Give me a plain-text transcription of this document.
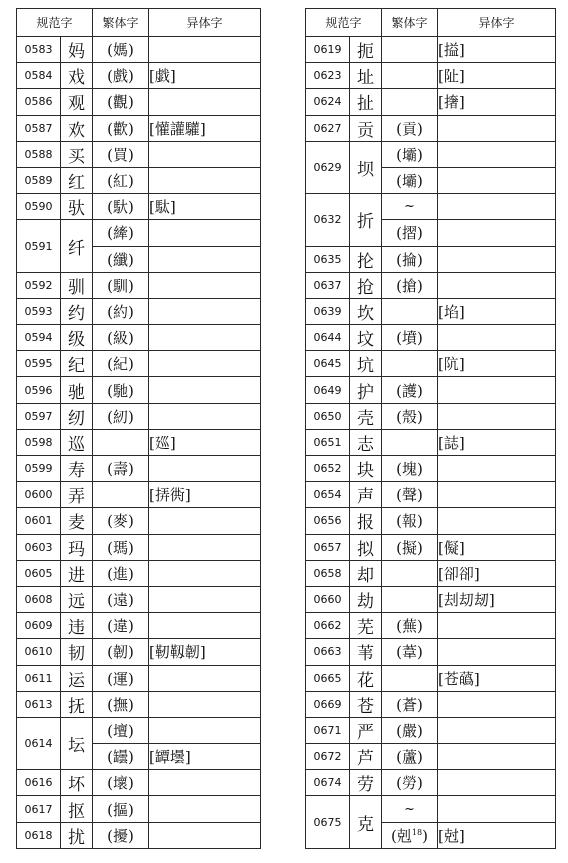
规范字		繁体字	异体字
0583	妈	(媽)	
0584	戏	(戲)	[戯]
0586	观	(觀)	
0587	欢	(歡)	[懽讙驩]
0588	买	(買)	
0589	红	(紅)	
0590	驮	(馱)	[駄]
0591	纤	(縴)	
		(纖)	
0592	驯	(馴)	
0593	约	(約)	
0594	级	(級)	
0595	纪	(紀)	
0596	驰	(馳)	
0597	纫	(紉)	
0598	巡		[廵]
0599	寿	(壽)	
0600	弄		[挵衖]
0601	麦	(麥)	
0603	玛	(瑪)	
0605	进	(進)	
0608	远	(遠)	
0609	违	(違)	
0610	韧	(韌)	[靭靱韌]
0611	运	(運)	
0613	抚	(撫)	
0614	坛	(壇)	
		(罎)	[罈壜]
0616	坏	(壞)	
0617	抠	(摳)	
0618	扰	(擾)	
规范字		繁体字	异体字
0619	扼		[搤]
0623	址		[阯]
0624	扯		[撦]
0627	贡	(貢)	
0629	坝	(壩)	
		(壩)	
0632	折	~	
		(摺)	
0635	抡	(掄)	
0637	抢	(搶)	
0639	坎		[埳]
0644	坟	(墳)	
0645	坑		[阬]
0649	护	(護)	
0650	壳	(殼)	
0651	志		[誌]
0652	块	(塊)	
0654	声	(聲)	
0656	报	(報)	
0657	拟	(擬)	[儗]
0658	却		[卻卻]
0660	劫		[刦刧刼]
0662	芜	(蕪)	
0663	苇	(葦)	
0665	花		[苍蘤]
0669	苍	(蒼)	
0671	严	(嚴)	
0672	芦	(蘆)	
0674	劳	(勞)	
0675	克	~	
		(剋$^{18}$)	[尅]
